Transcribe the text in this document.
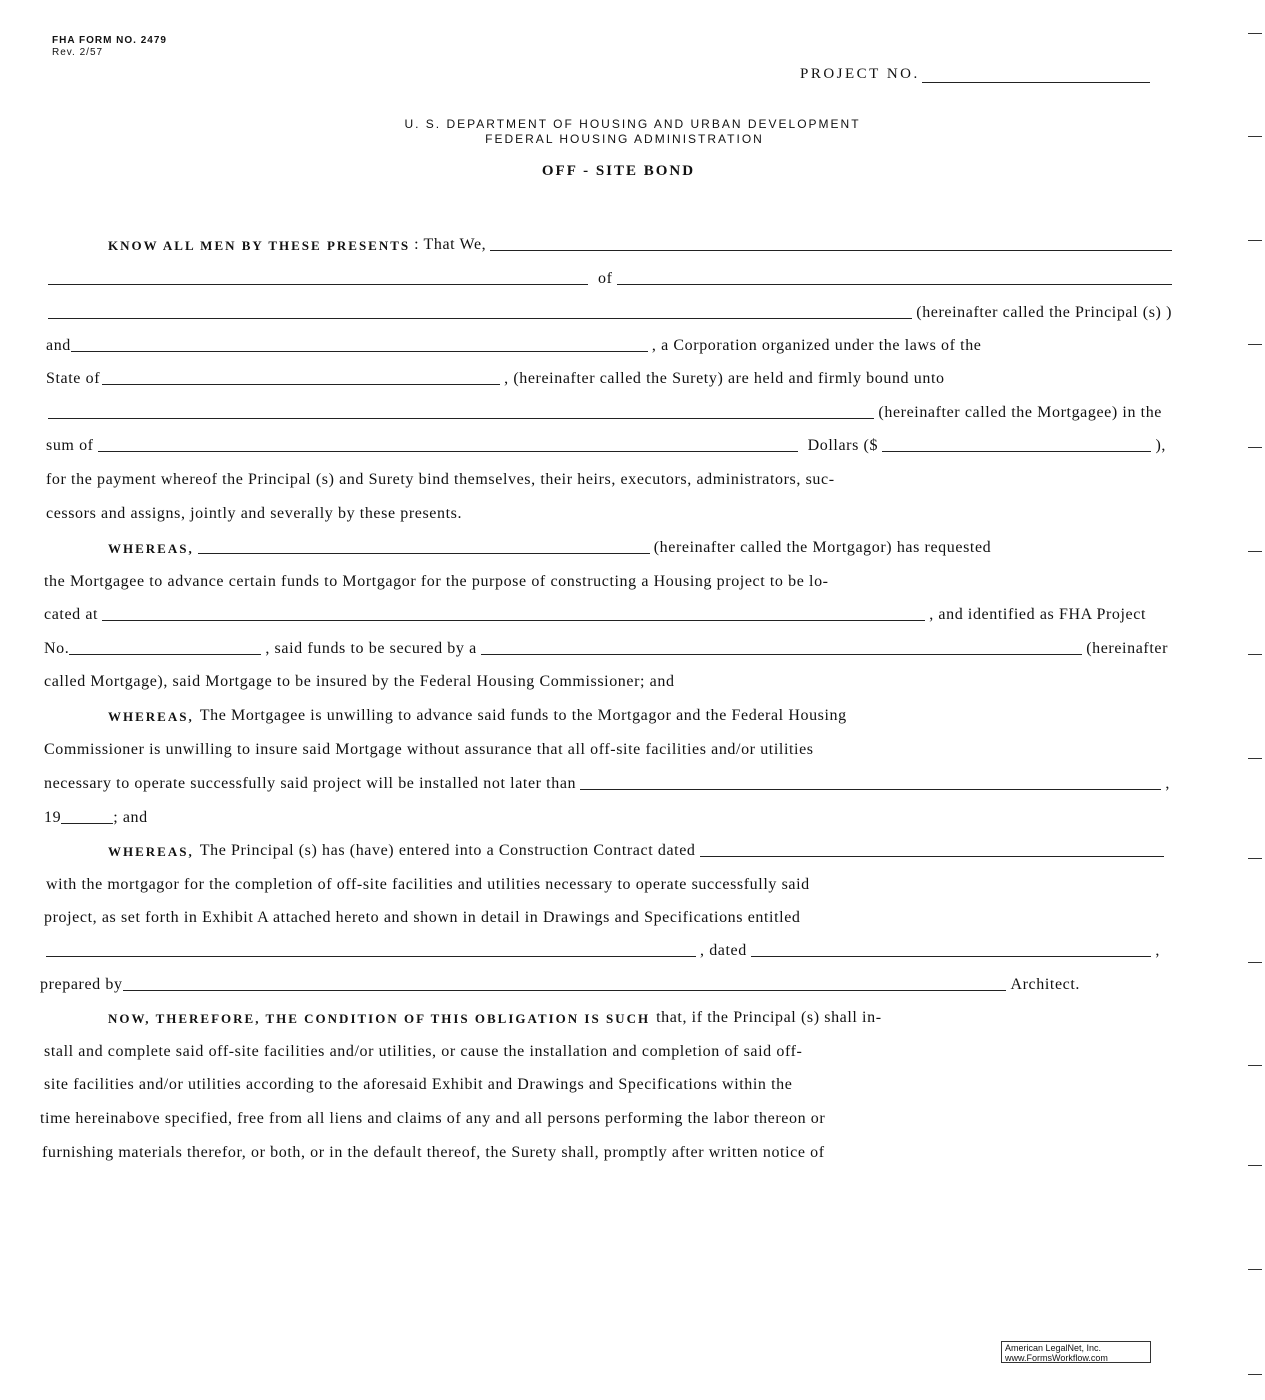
FHA FORM NO. 2479
Rev. 2/57
PROJECT NO.
U. S. DEPARTMENT OF HOUSING AND URBAN DEVELOPMENT
FEDERAL HOUSING ADMINISTRATION
OFF - SITE BOND
KNOW ALL MEN BY THESE PRESENTS : That We,
of
(hereinafter called the Principal (s) )
and	, a Corporation organized under the laws of the
State of	, (hereinafter called the Surety) are held and firmly bound unto
(hereinafter called the Mortgagee) in the
sum of	Dollars ($	),
for the payment whereof the Principal (s) and Surety bind themselves, their heirs, executors, administrators, suc-
cessors and assigns, jointly and severally by these presents.
WHEREAS,	(hereinafter called the Mortgagor) has requested
the Mortgagee to advance certain funds to Mortgagor for the purpose of constructing a Housing project to be lo-
cated at	, and identified as FHA Project
No.	, said funds to be secured by a	(hereinafter
called Mortgage), said Mortgage to be insured by the Federal Housing Commissioner; and
WHEREAS, The Mortgagee is unwilling to advance said funds to the Mortgagor and the Federal Housing
Commissioner is unwilling to insure said Mortgage without assurance that all off-site facilities and/or utilities
necessary to operate successfully said project will be installed not later than	,
19	; and
WHEREAS, The Principal (s) has (have) entered into a Construction Contract dated
with the mortgagor for the completion of off-site facilities and utilities necessary to operate successfully said
project, as set forth in Exhibit A attached hereto and shown in detail in Drawings and Specifications entitled
, dated	,
prepared by	Architect.
NOW, THEREFORE, THE CONDITION OF THIS OBLIGATION IS SUCH that, if the Principal (s) shall in-
stall and complete said off-site facilities and/or utilities, or cause the installation and completion of said off-
site facilities and/or utilities according to the aforesaid Exhibit and Drawings and Specifications within the
time hereinabove specified, free from all liens and claims of any and all persons performing the labor thereon or
furnishing materials therefor, or both, or in the default thereof, the Surety shall, promptly after written notice of
American LegalNet, Inc.
www.FormsWorkflow.com
